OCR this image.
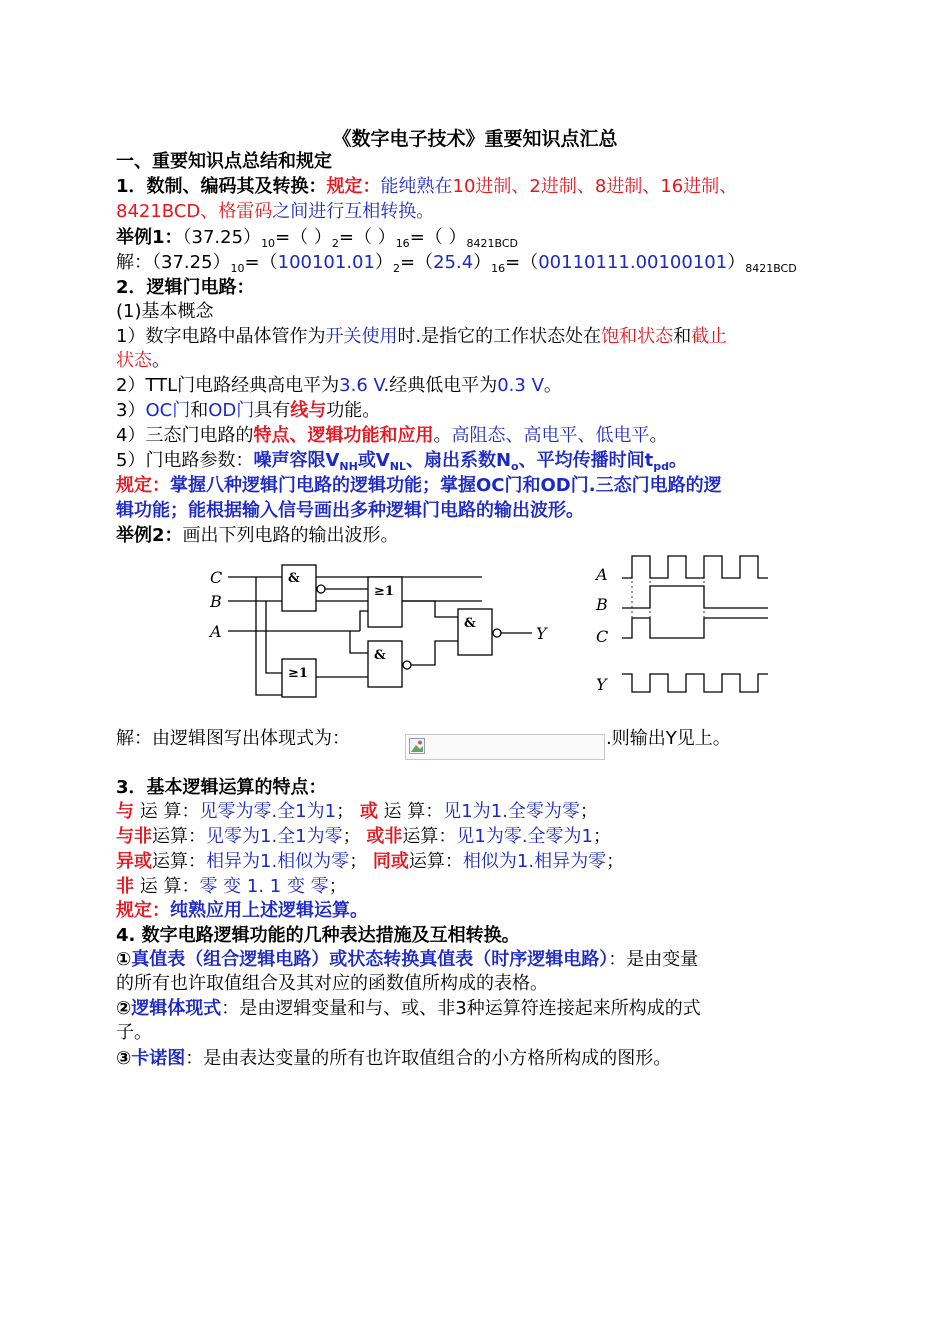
《数字电子技术》重要知识点汇总
一、重要知识点总结和规定
1．数制、编码其及转换：规定：能纯熟在10进制、2进制、8进制、16进制、
8421BCD、格雷码之间进行互相转换。
举例1：$(37.25)_{10}=$（ ）$_2=$（ ）$_{16}=$（ ）$_{8421BCD}$
解：$(37.25)_{10}=(100101.01)_2=(25.4)_{16}=(00110111.00100101)_{8421BCD}$
2．逻辑门电路：
(1)基本概念
1）数字电路中晶体管作为开关使用时.是指它的工作状态处在饱和状态和截止
状态。
2）TTL门电路经典高电平为3.6 V.经典低电平为0.3 V。
3）OC门和OD门具有线与功能。
4）三态门电路的特点、逻辑功能和应用。高阻态、高电平、低电平。
5）门电路参数：噪声容限$V_{NH}$或$V_{NL}$、扇出系数$N_o$、平均传播时间$t_{pd}$。
规定：掌握八种逻辑门电路的逻辑功能；掌握OC门和OD门.三态门电路的逻
辑功能；能根据输入信号画出多种逻辑门电路的输出波形。
举例2：画出下列电路的输出波形。
C
B
A
&
≥1
&
≥1
&
Y
A
B
C
Y
解：由逻辑图写出体现式为：	.则输出Y见上。
3．基本逻辑运算的特点：
与 运 算：见零为零.全1为1； 或 运 算：见1为1.全零为零；
与非运算：见零为1.全1为零； 或非运算：见1为零.全零为1；
异或运算：相异为1.相似为零； 同或运算：相似为1.相异为零；
非 运 算：零 变 1. 1 变 零；
规定：纯熟应用上述逻辑运算。
4. 数字电路逻辑功能的几种表达措施及互相转换。
①真值表（组合逻辑电路）或状态转换真值表（时序逻辑电路）：是由变量
的所有也许取值组合及其对应的函数值所构成的表格。
②逻辑体现式：是由逻辑变量和与、或、非3种运算符连接起来所构成的式
子。
③卡诺图：是由表达变量的所有也许取值组合的小方格所构成的图形。
